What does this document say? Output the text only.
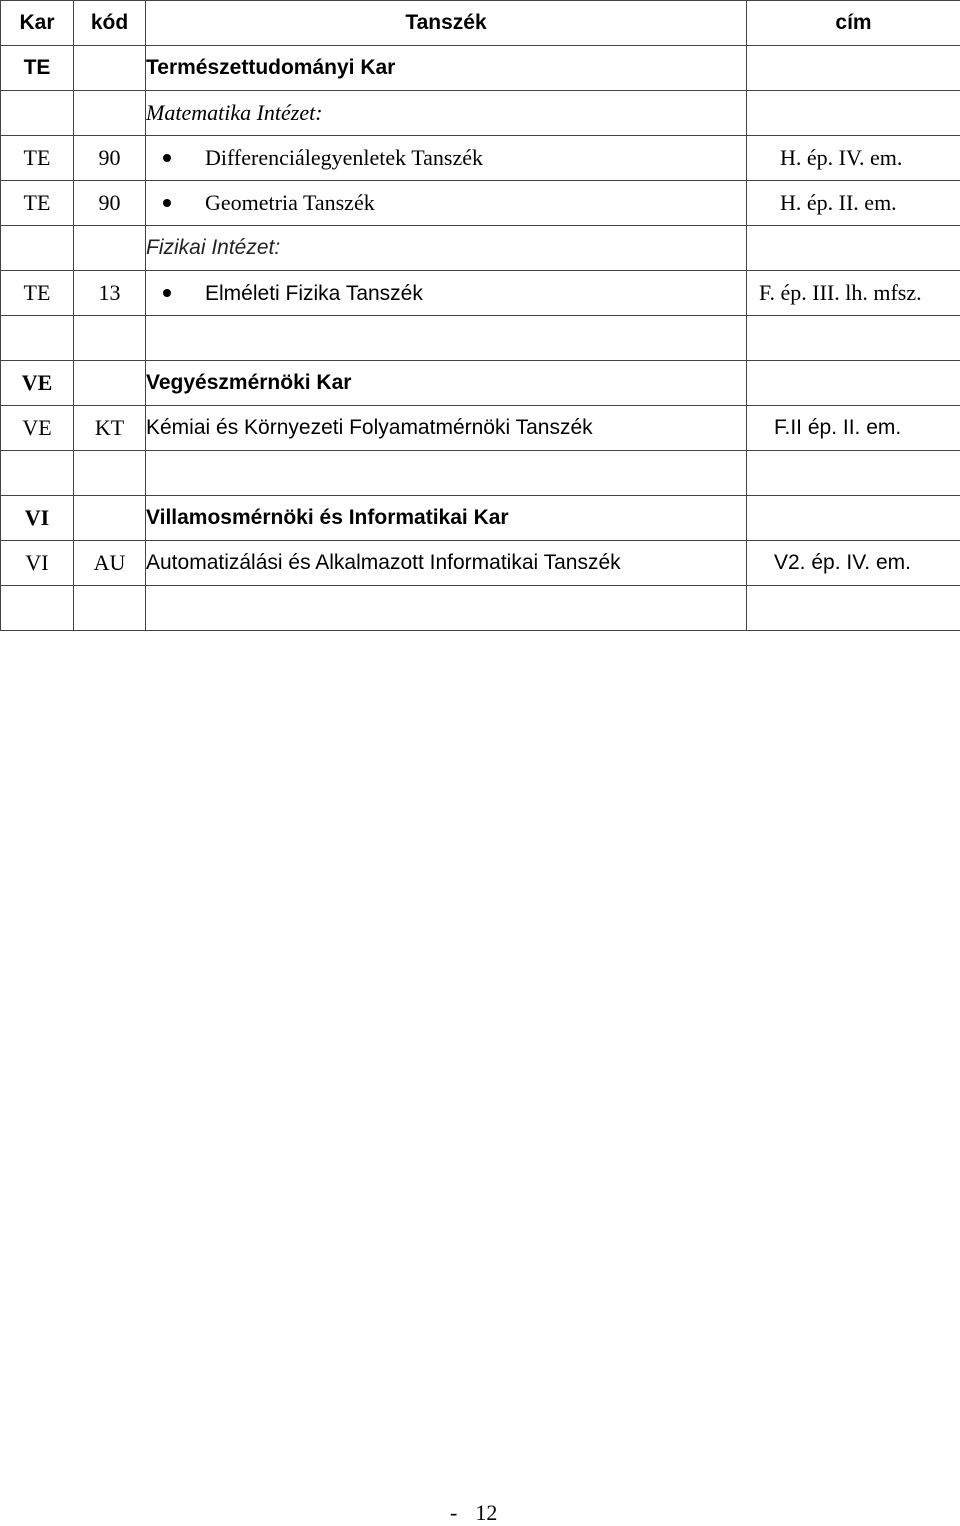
Kar	kód	Tanszék	cím
TE		Természettudományi Kar	
		Matematika Intézet:	
TE	90	Differenciálegyenletek Tanszék	H. ép. IV. em.

TE	90	Geometria Tanszék	H. ép. II. em.

		Fizikai Intézet:	
TE	13	Elméleti Fizika Tanszék	F. ép. III. lh. mfsz.

VE		Vegyészmérnöki Kar	
VE	KT	Kémiai és Környezeti Folyamatmérnöki Tanszék	F.II ép. II. em.

VI		Villamosmérnöki és Informatikai Kar	
VI	AU	Automatizálási és Alkalmazott Informatikai Tanszék	V2. ép. IV. em.

- 12
